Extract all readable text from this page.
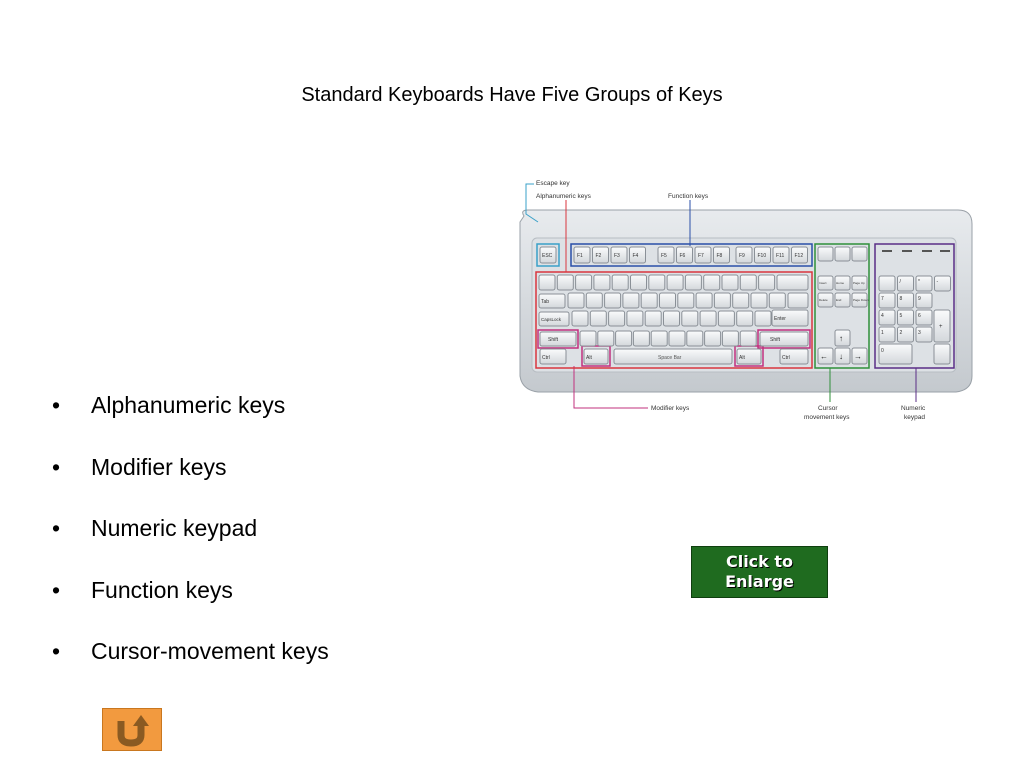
Standard Keyboards Have Five Groups of Keys
• Alphanumeric keys
• Modifier keys
• Numeric keypad
• Function keys
• Cursor-movement keys
Escape key
Alphanumeric keys	Function keys
Modifier keys	Cursor
movement keys
Numeric
keypad
ESC	F1	F2	F3	F4	F5	F6	F7	F8	F9	F10 F11 F12
Tab
CapsLock	Enter
Shift	Shift
Ctrl	Alt	Space Bar	Alt	Ctrl
Insert	Home	Page Up
Delete	End	Page Down
↑
← ↓ →
/	*	-
7	8	9
4	5	6
1	2	3
+
0
Click to
Enlarge
